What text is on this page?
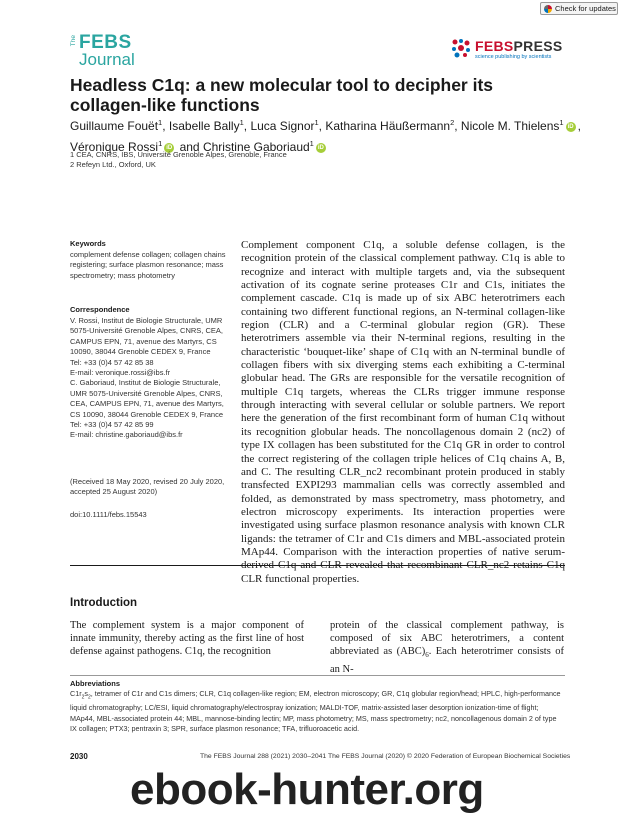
Check for updates
The FEBS
Journal
FEBSPRESS
science publishing by scientists
Headless C1q: a new molecular tool to decipher its collagen-like functions
Guillaume Fouët$^1$, Isabelle Bally$^1$, Luca Signor$^1$, Katharina Häußermann$^2$, Nicole M. Thielens$^1$ iD , Véronique Rossi$^1$ iD and Christine Gaboriaud$^1$ iD
1 CEA, CNRS, IBS, Université Grenoble Alpes, Grenoble, France
2 Refeyn Ltd., Oxford, UK
Keywords
complement defense collagen; collagen chains registering; surface plasmon resonance; mass spectrometry; mass photometry
Correspondence
V. Rossi, Institut de Biologie Structurale, UMR 5075-Université Grenoble Alpes, CNRS, CEA, CAMPUS EPN, 71, avenue des Martyrs, CS 10090, 38044 Grenoble CEDEX 9, France
Tel: +33 (0)4 57 42 85 38
E-mail: veronique.rossi@ibs.fr
C. Gaboriaud, Institut de Biologie Structurale, UMR 5075-Université Grenoble Alpes, CNRS, CEA, CAMPUS EPN, 71, avenue des Martyrs, CS 10090, 38044 Grenoble CEDEX 9, France
Tel: +33 (0)4 57 42 85 99
E-mail: christine.gaboriaud@ibs.fr
(Received 18 May 2020, revised 20 July 2020, accepted 25 August 2020)
doi:10.1111/febs.15543
Complement component C1q, a soluble defense collagen, is the recognition protein of the classical complement pathway. C1q is able to recognize and interact with multiple targets and, via the subsequent activation of its cognate serine proteases C1r and C1s, initiates the complement cascade. C1q is made up of six ABC heterotrimers each containing two different functional regions, an N-terminal collagen-like region (CLR) and a C-terminal globular region (GR). These heterotrimers assemble via their N-terminal regions, resulting in the characteristic ‘bouquet-like’ shape of C1q with an N-terminal bundle of collagen fibers with six diverging stems each exhibiting a C-terminal globular head. The GRs are responsible for the versatile recognition of multiple C1q targets, whereas the CLRs trigger immune response through interacting with several cellular or soluble partners. We report here the generation of the first recombinant form of human C1q without its recognition globular heads. The noncollagenous domain 2 (nc2) of type IX collagen has been substituted for the C1q GR in order to control the correct registering of the collagen triple helices of C1q chains A, B, and C. The resulting CLR_nc2 recombinant protein produced in stably transfected EXPI293 mammalian cells was correctly assembled and folded, as demonstrated by mass spectrometry, mass photometry, and electron microscopy experiments. Its interaction properties were investigated using surface plasmon resonance analysis with known CLR ligands: the tetramer of C1r and C1s dimers and MBL-associated protein MAp44. Comparison with the interaction properties of native serum-derived C1q and CLR revealed that recombinant CLR_nc2 retains C1q CLR functional properties.
Introduction
The complement system is a major component of innate immunity, thereby acting as the first line of host defense against pathogens. C1q, the recognition
protein of the classical complement pathway, is composed of six ABC heterotrimers, a content abbreviated as $(ABC)_6$. Each heterotrimer consists of an N-
Abbreviations
$C1r_2s_2$, tetramer of C1r and C1s dimers; CLR, C1q collagen-like region; EM, electron microscopy; GR, C1q globular region/head; HPLC, high-performance liquid chromatography; LC/ESI, liquid chromatography/electrospray ionization; MALDI-TOF, matrix-assisted laser desorption ionization-time of flight; MAp44, MBL-associated protein 44; MBL, mannose-binding lectin; MP, mass photometry; MS, mass spectrometry; nc2, noncollagenous domain 2 of type IX collagen; PTX3; pentraxin 3; SPR, surface plasmon resonance; TFA, trifluoroacetic acid.
2030	The FEBS Journal 288 (2021) 2030–2041 The FEBS Journal (2020) © 2020 Federation of European Biochemical Societies
ebook-hunter.org
